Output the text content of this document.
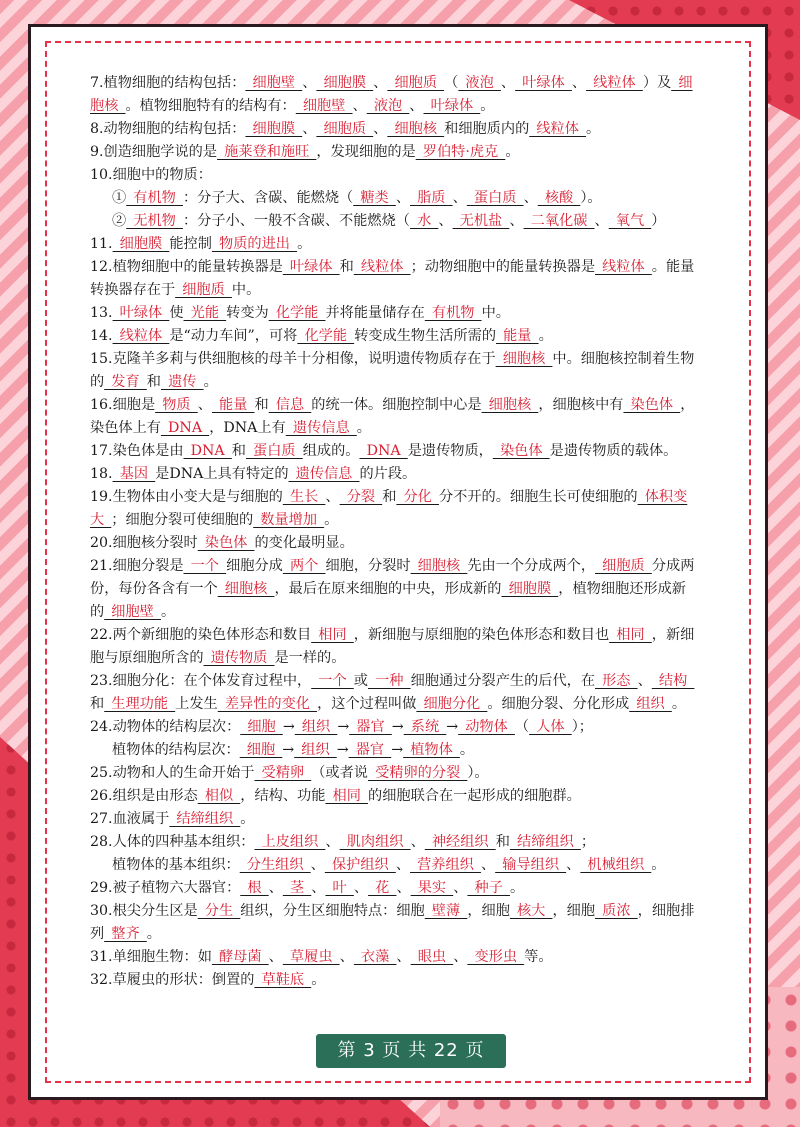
7.植物细胞的结构包括： 细胞壁 、 细胞膜 、 细胞质 （ 液泡 、 叶绿体 、 线粒体 ）及 细胞核 。植物细胞特有的结构有： 细胞壁 、 液泡 、 叶绿体 。
8.动物细胞的结构包括： 细胞膜 、 细胞质 、 细胞核 和细胞质内的 线粒体 。
9.创造细胞学说的是 施莱登和施旺 ，发现细胞的是 罗伯特·虎克 。
10.细胞中的物质：
① 有机物 ：分子大、含碳、能燃烧（ 糖类 、 脂质 、 蛋白质 、 核酸 ）。
② 无机物 ：分子小、一般不含碳、不能燃烧（ 水 、 无机盐 、 二氧化碳 、 氧气 ）
11. 细胞膜 能控制 物质的进出 。
12.植物细胞中的能量转换器是 叶绿体 和 线粒体 ；动物细胞中的能量转换器是 线粒体 。能量转换器存在于 细胞质 中。
13. 叶绿体 使 光能 转变为 化学能 并将能量储存在 有机物 中。
14. 线粒体 是“动力车间”，可将 化学能 转变成生物生活所需的 能量 。
15.克隆羊多莉与供细胞核的母羊十分相像，说明遗传物质存在于 细胞核 中。细胞核控制着生物的 发育 和 遗传 。
16.细胞是 物质 、 能量 和 信息 的统一体。细胞控制中心是 细胞核 ，细胞核中有 染色体 ，染色体上有 DNA ，DNA上有 遗传信息 。
17.染色体是由 DNA 和 蛋白质 组成的。 DNA 是遗传物质， 染色体 是遗传物质的载体。
18. 基因 是DNA上具有特定的 遗传信息 的片段。
19.生物体由小变大是与细胞的 生长 、 分裂 和 分化 分不开的。细胞生长可使细胞的 体积变大 ；细胞分裂可使细胞的 数量增加 。
20.细胞核分裂时 染色体 的变化最明显。
21.细胞分裂是 一个 细胞分成 两个 细胞，分裂时 细胞核 先由一个分成两个， 细胞质 分成两份，每份各含有一个 细胞核 ，最后在原来细胞的中央，形成新的 细胞膜 ，植物细胞还形成新的 细胞壁 。
22.两个新细胞的染色体形态和数目 相同 ，新细胞与原细胞的染色体形态和数目也 相同 ，新细胞与原细胞所含的 遗传物质 是一样的。
23.细胞分化：在个体发育过程中， 一个 或 一种 细胞通过分裂产生的后代，在 形态 、 结构 和 生理功能 上发生 差异性的变化 ，这个过程叫做 细胞分化 。细胞分裂、分化形成 组织 。
24.动物体的结构层次： 细胞 → 组织 → 器官 → 系统 → 动物体 （ 人体 ）；
植物体的结构层次： 细胞 → 组织 → 器官 → 植物体 。
25.动物和人的生命开始于 受精卵 （或者说 受精卵的分裂 ）。
26.组织是由形态 相似 ，结构、功能 相同 的细胞联合在一起形成的细胞群。
27.血液属于 结缔组织 。
28.人体的四种基本组织： 上皮组织 、 肌肉组织 、 神经组织 和 结缔组织 ；
植物体的基本组织： 分生组织 、 保护组织 、 营养组织 、 输导组织 、 机械组织 。
29.被子植物六大器官： 根 、 茎 、 叶 、 花 、 果实 、 种子 。
30.根尖分生区是 分生 组织，分生区细胞特点：细胞 壁薄 ，细胞 核大 ，细胞 质浓 ，细胞排列 整齐 。
31.单细胞生物：如 酵母菌 、 草履虫 、 衣藻 、 眼虫 、 变形虫 等。
32.草履虫的形状：倒置的 草鞋底 。
第 3 页 共 22 页
